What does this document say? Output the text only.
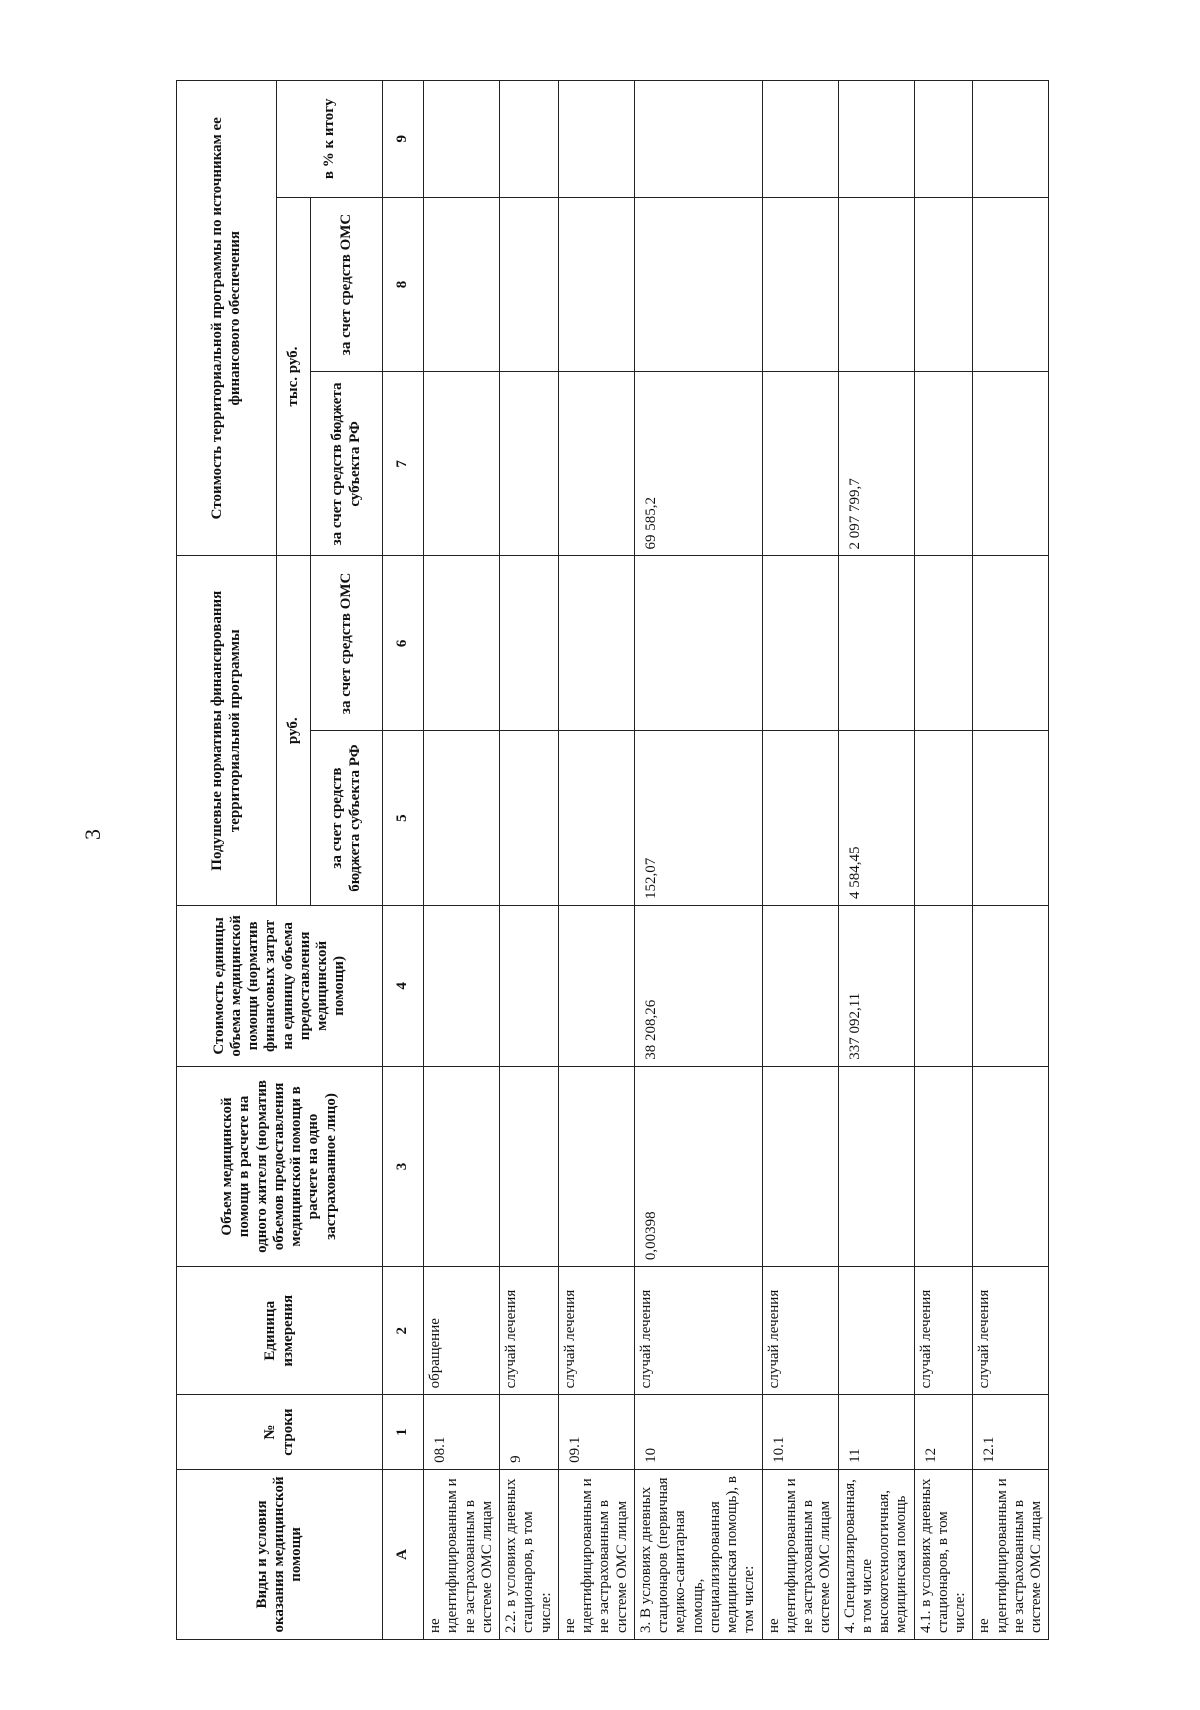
3
Виды и условия оказания медицинской помощи	№ строки	Единица измерения	Объем медицинской помощи в расчете на одного жителя (норматив объемов предоставления медицинской помощи в расчете на одно застрахованное лицо)	Стоимость единицы объема медицинской помощи (норматив финансовых затрат на единицу объема предоставления медицинской помощи)	Подушевые нормативы финансирования территориальной программы		Стоимость территориальной программы по источникам ее финансового обеспечения		
					руб.		тыс. руб.		в % к итогу
					за счет средств бюджета субъекта РФ	за счет средств ОМС	за счет средств бюджета субъекта РФ	за счет средств ОМС	
А	1	2	3	4	5	6	7	8	9
не идентифицированным и не застрахованным в системе ОМС лицам	08.1	обращение							
2.2. в условиях дневных стационаров, в том числе:	9	случай лечения							
не идентифицированным и не застрахованным в системе ОМС лицам	09.1	случай лечения							
3. В условиях дневных стационаров (первичная медико-санитарная помощь, специализированная медицинская помощь), в том числе:	10	случай лечения	0,00398	38 208,26	152,07		69 585,2		
не идентифицированным и не застрахованным в системе ОМС лицам	10.1	случай лечения							
4. Специализированная, в том числе высокотехнологичная, медицинская помощь	11			337 092,11	4 584,45		2 097 799,7		
4.1. в условиях дневных стационаров, в том числе:	12	случай лечения							
не идентифицированным и не застрахованным в системе ОМС лицам	12.1	случай лечения							
